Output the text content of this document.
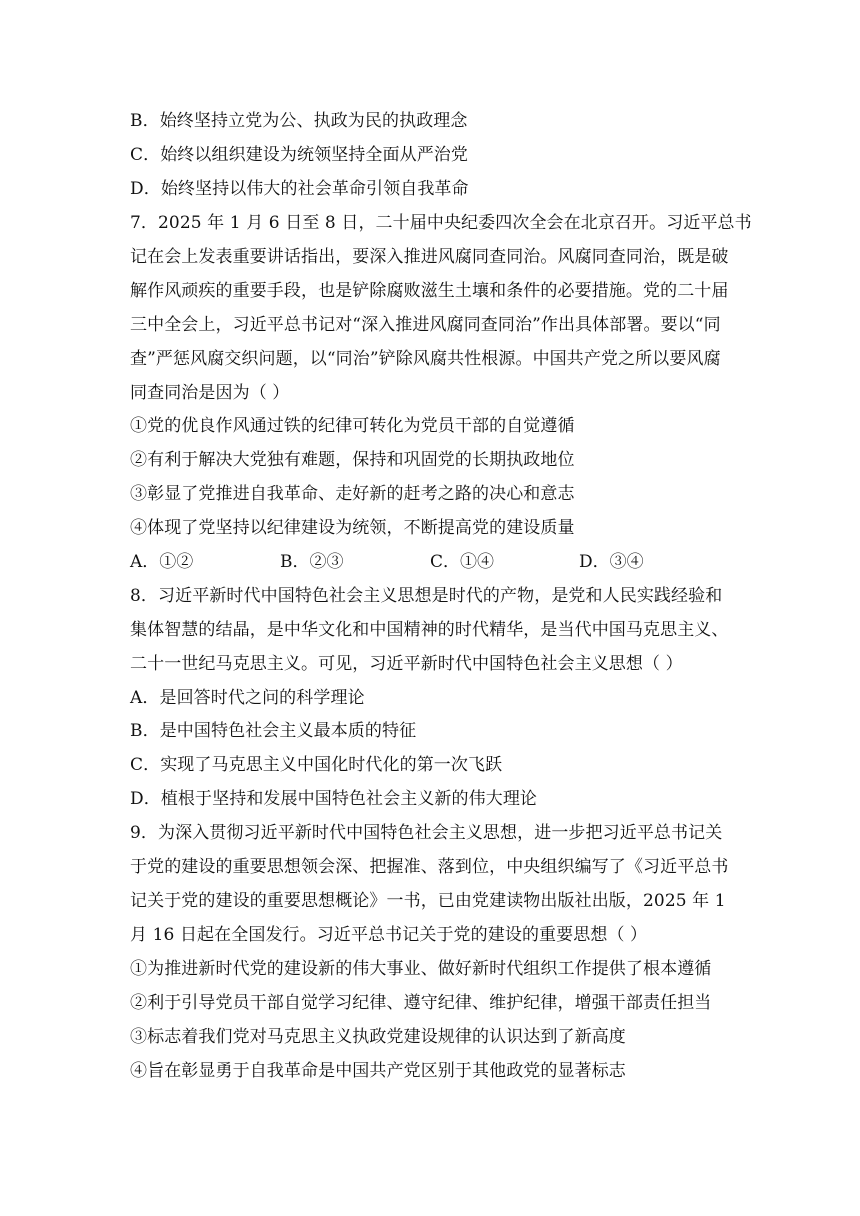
B．始终坚持立党为公、执政为民的执政理念
C．始终以组织建设为统领坚持全面从严治党
D．始终坚持以伟大的社会革命引领自我革命
7．2025 年 1 月 6 日至 8 日，二十届中央纪委四次全会在北京召开。习近平总书
记在会上发表重要讲话指出，要深入推进风腐同查同治。风腐同查同治，既是破
解作风顽疾的重要手段，也是铲除腐败滋生土壤和条件的必要措施。党的二十届
三中全会上，习近平总书记对“深入推进风腐同查同治”作出具体部署。要以“同
查”严惩风腐交织问题，以“同治”铲除风腐共性根源。中国共产党之所以要风腐
同查同治是因为（ ）
①党的优良作风通过铁的纪律可转化为党员干部的自觉遵循
②有利于解决大党独有难题，保持和巩固党的长期执政地位
③彰显了党推进自我革命、走好新的赶考之路的决心和意志
④体现了党坚持以纪律建设为统领，不断提高党的建设质量
A．①②	B．②③	C．①④	D．③④
8．习近平新时代中国特色社会主义思想是时代的产物，是党和人民实践经验和
集体智慧的结晶，是中华文化和中国精神的时代精华，是当代中国马克思主义、
二十一世纪马克思主义。可见，习近平新时代中国特色社会主义思想（ ）
A．是回答时代之问的科学理论
B．是中国特色社会主义最本质的特征
C．实现了马克思主义中国化时代化的第一次飞跃
D．植根于坚持和发展中国特色社会主义新的伟大理论
9．为深入贯彻习近平新时代中国特色社会主义思想，进一步把习近平总书记关
于党的建设的重要思想领会深、把握准、落到位，中央组织编写了《习近平总书
记关于党的建设的重要思想概论》一书，已由党建读物出版社出版，2025 年 1
月 16 日起在全国发行。习近平总书记关于党的建设的重要思想（ ）
①为推进新时代党的建设新的伟大事业、做好新时代组织工作提供了根本遵循
②利于引导党员干部自觉学习纪律、遵守纪律、维护纪律，增强干部责任担当
③标志着我们党对马克思主义执政党建设规律的认识达到了新高度
④旨在彰显勇于自我革命是中国共产党区别于其他政党的显著标志
